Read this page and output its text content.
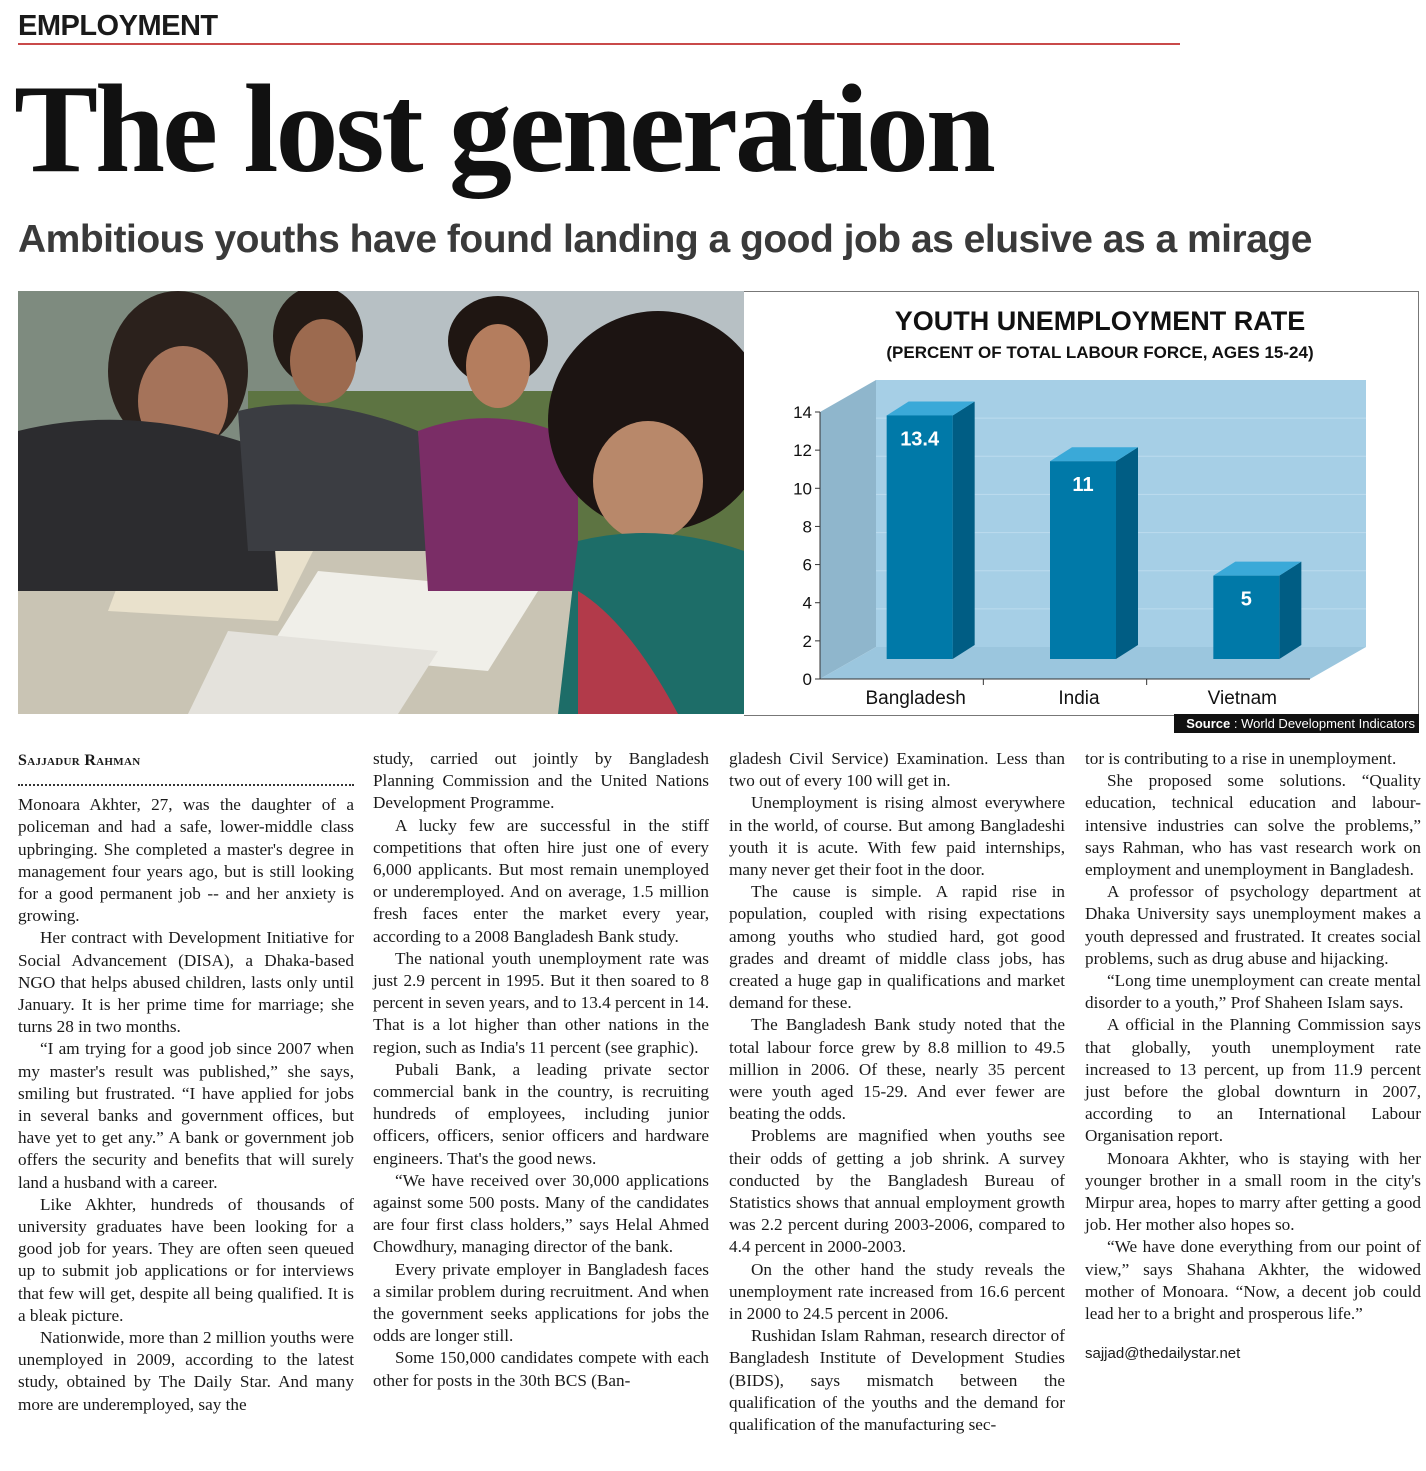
EMPLOYMENT
The lost generation
Ambitious youths have found landing a good job as elusive as a mirage
YOUTH UNEMPLOYMENT RATE
(PERCENT OF TOTAL LABOUR FORCE, AGES 15-24)
0
2
4
6
8
10
12
14
13.4
11
5
Bangladesh	India	Vietnam
Source : World Development Indicators
Sajjadur Rahman

Monoara Akhter, 27, was the daughter of a policeman and had a safe, lower-middle class upbringing. She completed a master's degree in management four years ago, but is still looking for a good permanent job -- and her anxiety is growing.

Her contract with Development Initiative for Social Advancement (DISA), a Dhaka-based NGO that helps abused children, lasts only until January. It is her prime time for marriage; she turns 28 in two months.

“I am trying for a good job since 2007 when my master's result was published,” she says, smiling but frustrated. “I have applied for jobs in several banks and government offices, but have yet to get any.” A bank or government job offers the security and benefits that will surely land a husband with a career.

Like Akhter, hundreds of thousands of university graduates have been looking for a good job for years. They are often seen queued up to submit job applications or for interviews that few will get, despite all being qualified. It is a bleak picture.

Nationwide, more than 2 million youths were unemployed in 2009, according to the latest study, obtained by The Daily Star. And many more are underemployed, say the

study, carried out jointly by Bangladesh Planning Commission and the United Nations Development Programme.

A lucky few are successful in the stiff competitions that often hire just one of every 6,000 applicants. But most remain unemployed or underemployed. And on average, 1.5 million fresh faces enter the market every year, according to a 2008 Bangladesh Bank study.

The national youth unemployment rate was just 2.9 percent in 1995. But it then soared to 8 percent in seven years, and to 13.4 percent in 14. That is a lot higher than other nations in the region, such as India's 11 percent (see graphic).

Pubali Bank, a leading private sector commercial bank in the country, is recruiting hundreds of employees, including junior officers, officers, senior officers and hardware engineers. That's the good news.

“We have received over 30,000 applications against some 500 posts. Many of the candidates are four first class holders,” says Helal Ahmed Chowdhury, managing director of the bank.

Every private employer in Bangladesh faces a similar problem during recruitment. And when the government seeks applications for jobs the odds are longer still.

Some 150,000 candidates compete with each other for posts in the 30th BCS (Ban-

gladesh Civil Service) Examination. Less than two out of every 100 will get in.

Unemployment is rising almost everywhere in the world, of course. But among Bangladeshi youth it is acute. With few paid internships, many never get their foot in the door.

The cause is simple. A rapid rise in population, coupled with rising expectations among youths who studied hard, got good grades and dreamt of middle class jobs, has created a huge gap in qualifications and market demand for these.

The Bangladesh Bank study noted that the total labour force grew by 8.8 million to 49.5 million in 2006. Of these, nearly 35 percent were youth aged 15-29. And ever fewer are beating the odds.

Problems are magnified when youths see their odds of getting a job shrink. A survey conducted by the Bangladesh Bureau of Statistics shows that annual employment growth was 2.2 percent during 2003-2006, compared to 4.4 percent in 2000-2003.

On the other hand the study reveals the unemployment rate increased from 16.6 percent in 2000 to 24.5 percent in 2006.

Rushidan Islam Rahman, research director of Bangladesh Institute of Development Studies (BIDS), says mismatch between the qualification of the youths and the demand for qualification of the manufacturing sec-

tor is contributing to a rise in unemployment.

She proposed some solutions. “Quality education, technical education and labour-intensive industries can solve the problems,” says Rahman, who has vast research work on employment and unemployment in Bangladesh.

A professor of psychology department at Dhaka University says unemployment makes a youth depressed and frustrated. It creates social problems, such as drug abuse and hijacking.

“Long time unemployment can create mental disorder to a youth,” Prof Shaheen Islam says.

A official in the Planning Commission says that globally, youth unemployment rate increased to 13 percent, up from 11.9 percent just before the global downturn in 2007, according to an International Labour Organisation report.

Monoara Akhter, who is staying with her younger brother in a small room in the city's Mirpur area, hopes to marry after getting a good job. Her mother also hopes so.

“We have done everything from our point of view,” says Shahana Akhter, the widowed mother of Monoara. “Now, a decent job could lead her to a bright and prosperous life.”

sajjad@thedailystar.net
